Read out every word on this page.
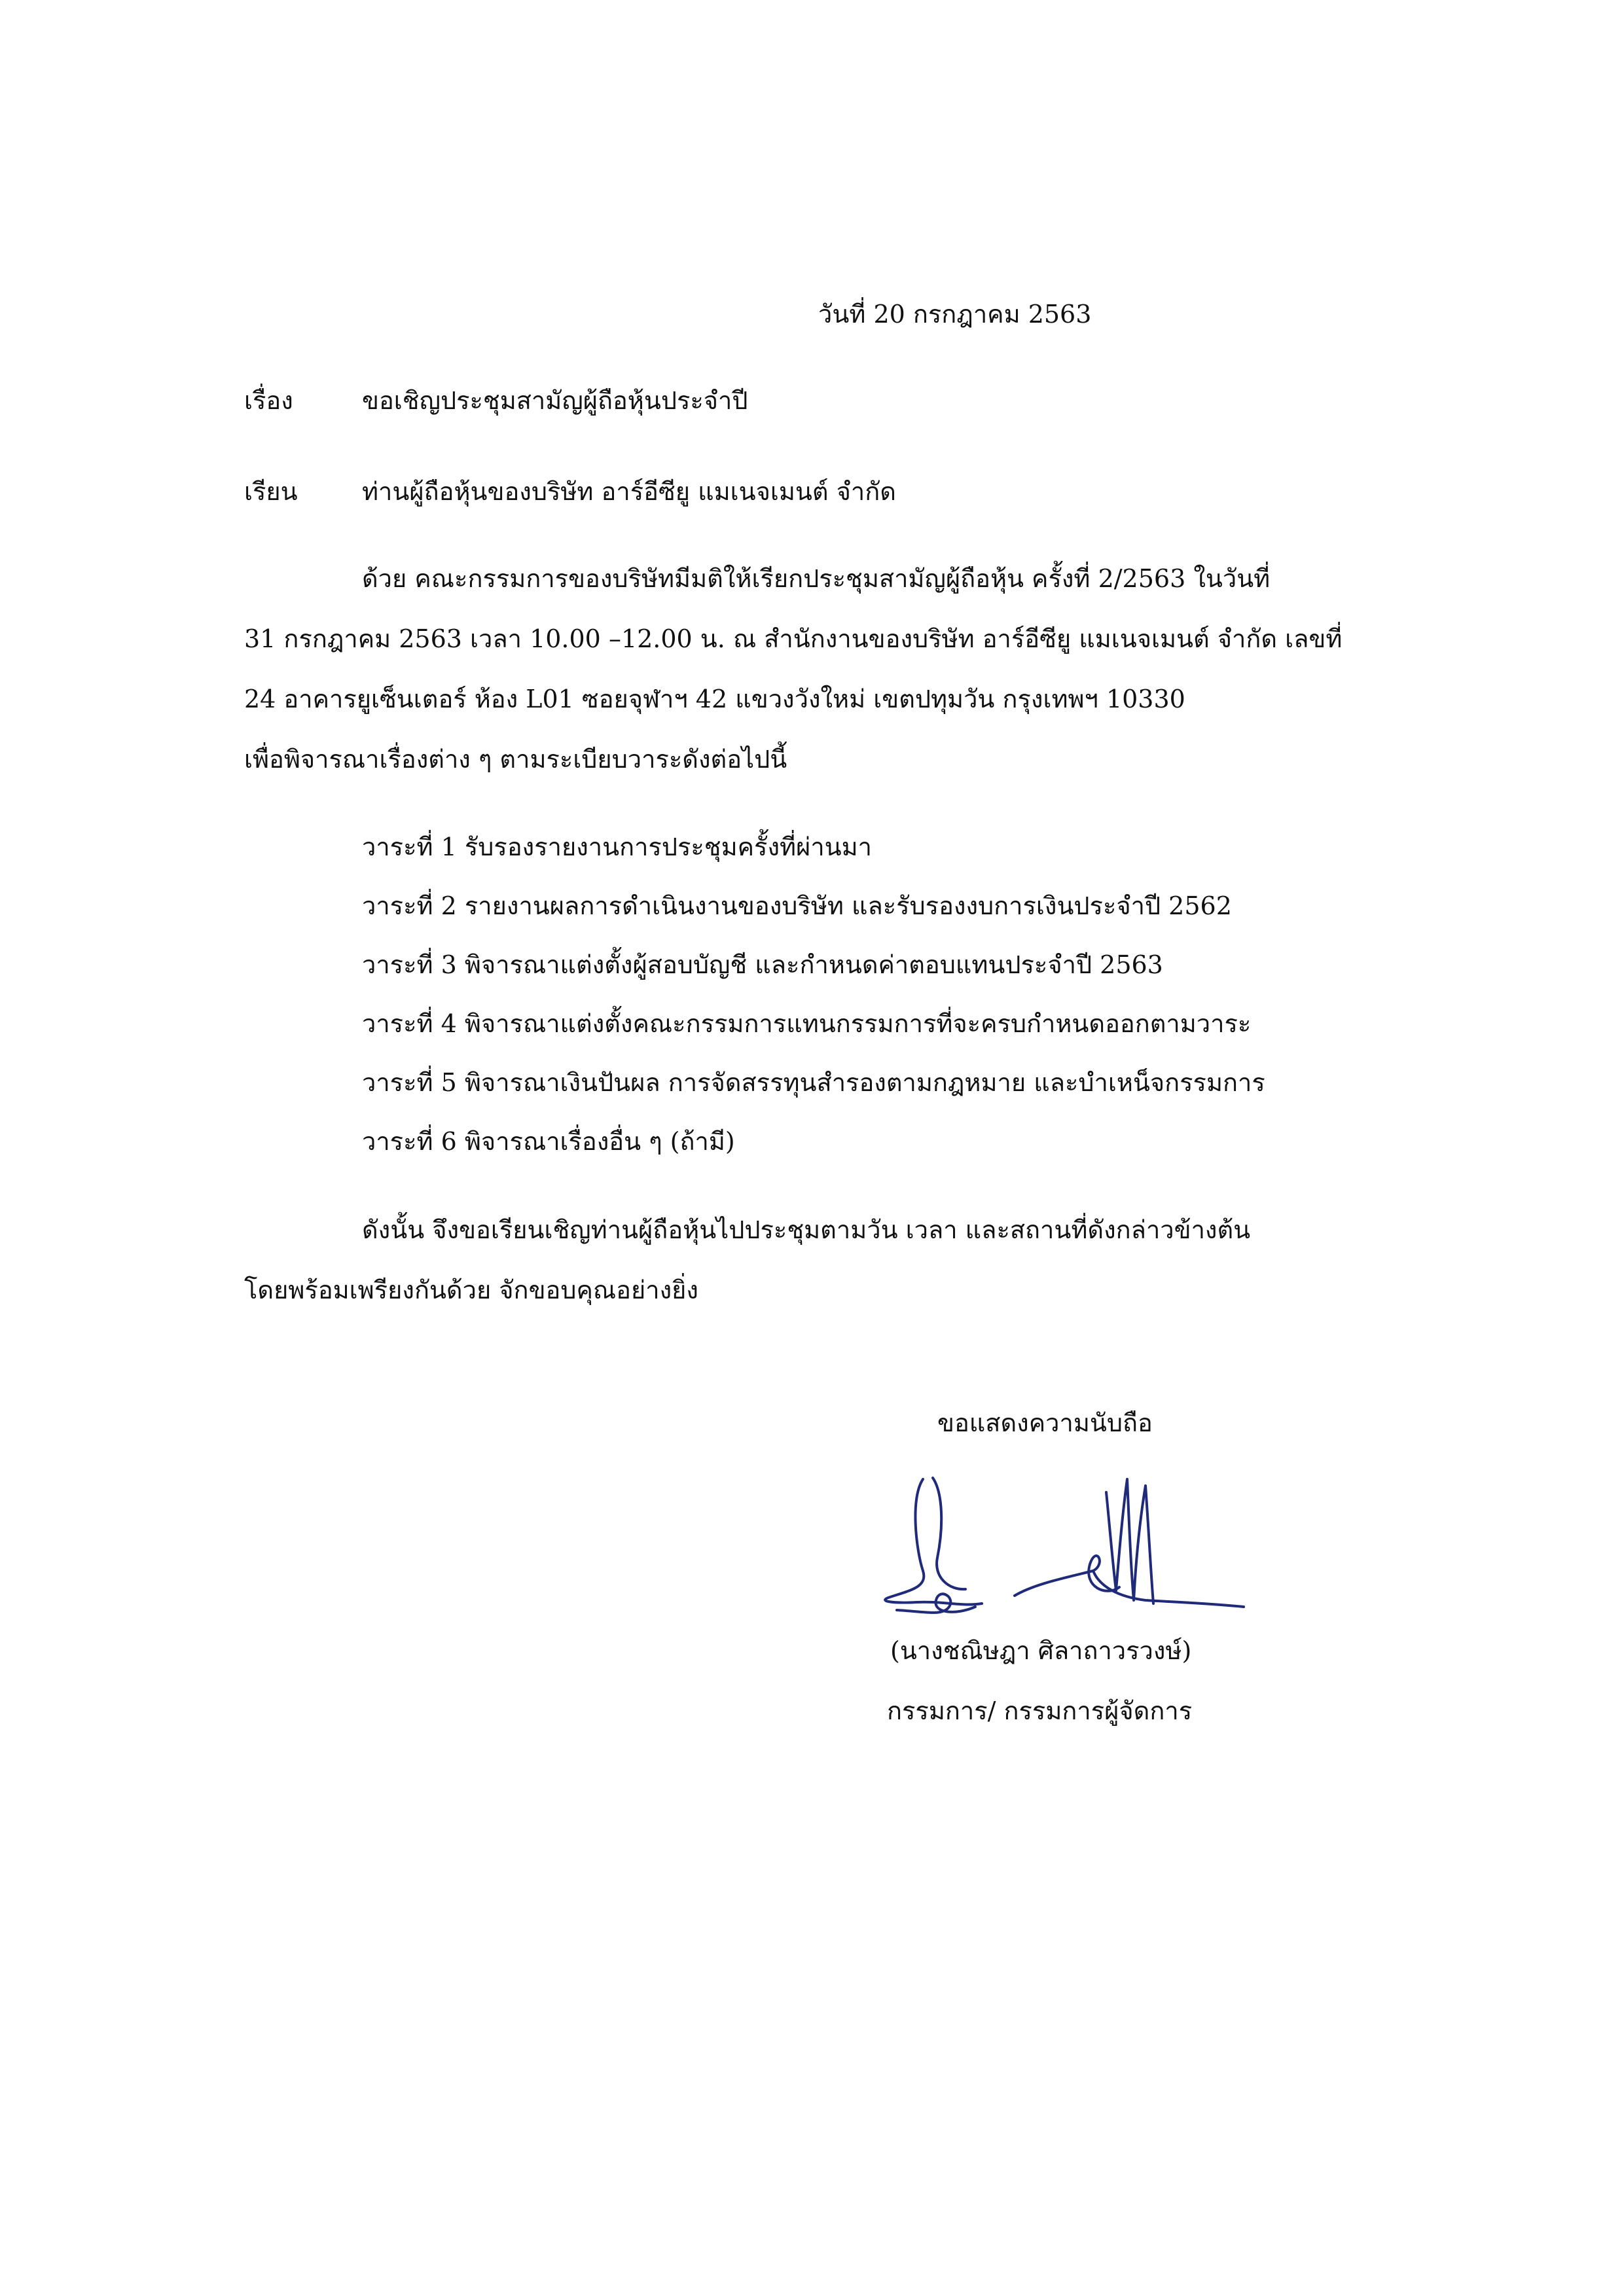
วันที่ 20 กรกฎาคม 2563
เรื่อง	ขอเชิญประชุมสามัญผู้ถือหุ้นประจำปี
เรียน	ท่านผู้ถือหุ้นของบริษัท อาร์อีซียู แมเนจเมนต์ จำกัด
ด้วย คณะกรรมการของบริษัทมีมติให้เรียกประชุมสามัญผู้ถือหุ้น ครั้งที่ 2/2563 ในวันที่
31 กรกฎาคม 2563 เวลา 10.00 –12.00 น. ณ สำนักงานของบริษัท อาร์อีซียู แมเนจเมนต์ จำกัด เลขที่
24 อาคารยูเซ็นเตอร์ ห้อง L01 ซอยจุฬาฯ 42 แขวงวังใหม่ เขตปทุมวัน กรุงเทพฯ 10330
เพื่อพิจารณาเรื่องต่าง ๆ ตามระเบียบวาระดังต่อไปนี้
วาระที่ 1 รับรองรายงานการประชุมครั้งที่ผ่านมา
วาระที่ 2 รายงานผลการดำเนินงานของบริษัท และรับรองงบการเงินประจำปี 2562
วาระที่ 3 พิจารณาแต่งตั้งผู้สอบบัญชี และกำหนดค่าตอบแทนประจำปี 2563
วาระที่ 4 พิจารณาแต่งตั้งคณะกรรมการแทนกรรมการที่จะครบกำหนดออกตามวาระ
วาระที่ 5 พิจารณาเงินปันผล การจัดสรรทุนสำรองตามกฎหมาย และบำเหน็จกรรมการ
วาระที่ 6 พิจารณาเรื่องอื่น ๆ (ถ้ามี)
ดังนั้น จึงขอเรียนเชิญท่านผู้ถือหุ้นไปประชุมตามวัน เวลา และสถานที่ดังกล่าวข้างต้น
โดยพร้อมเพรียงกันด้วย จักขอบคุณอย่างยิ่ง
ขอแสดงความนับถือ
(นางชณิษฎา ศิลาถาวรวงษ์)
กรรมการ/ กรรมการผู้จัดการ
